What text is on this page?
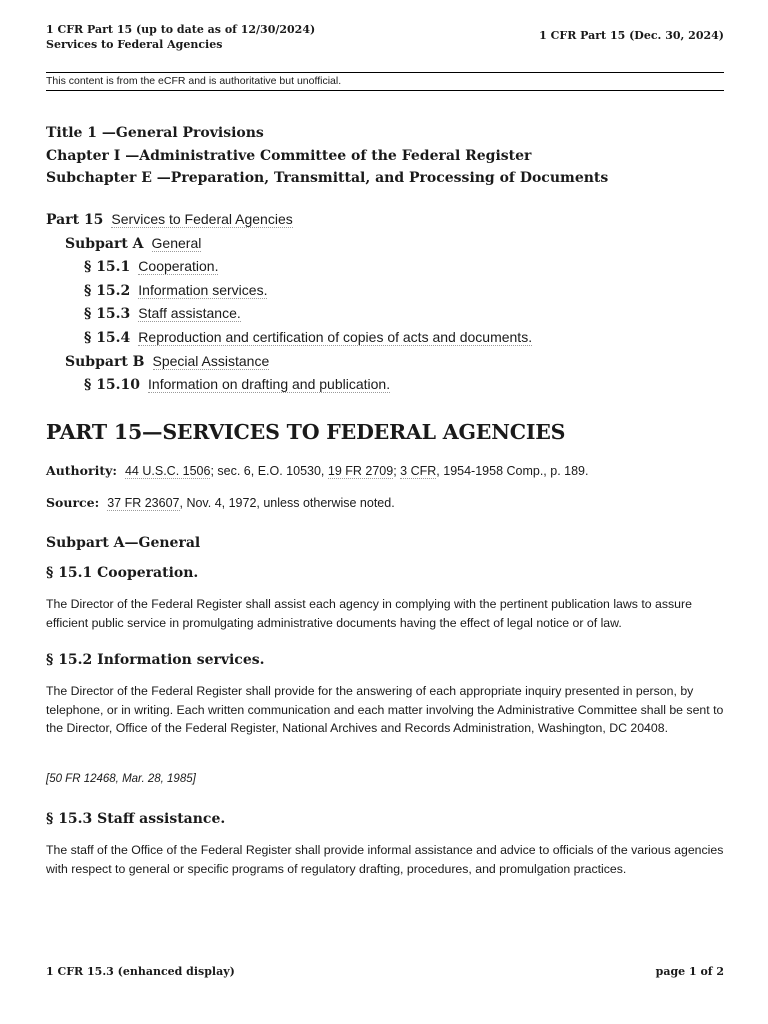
1 CFR Part 15 (up to date as of 12/30/2024)
Services to Federal Agencies
1 CFR Part 15 (Dec. 30, 2024)
This content is from the eCFR and is authoritative but unofficial.
Title 1 —General Provisions
Chapter I —Administrative Committee of the Federal Register
Subchapter E —Preparation, Transmittal, and Processing of Documents
Part 15 Services to Federal Agencies
Subpart A General
§ 15.1 Cooperation.
§ 15.2 Information services.
§ 15.3 Staff assistance.
§ 15.4 Reproduction and certification of copies of acts and documents.
Subpart B Special Assistance
§ 15.10 Information on drafting and publication.
PART 15—SERVICES TO FEDERAL AGENCIES
Authority: 44 U.S.C. 1506; sec. 6, E.O. 10530, 19 FR 2709; 3 CFR, 1954-1958 Comp., p. 189.
Source: 37 FR 23607, Nov. 4, 1972, unless otherwise noted.
Subpart A—General
§ 15.1 Cooperation.

The Director of the Federal Register shall assist each agency in complying with the pertinent publication laws to assure efficient public service in promulgating administrative documents having the effect of legal notice or of law.

§ 15.2 Information services.

The Director of the Federal Register shall provide for the answering of each appropriate inquiry presented in person, by telephone, or in writing. Each written communication and each matter involving the Administrative Committee shall be sent to the Director, Office of the Federal Register, National Archives and Records Administration, Washington, DC 20408.

[50 FR 12468, Mar. 28, 1985]
§ 15.3 Staff assistance.

The staff of the Office of the Federal Register shall provide informal assistance and advice to officials of the various agencies with respect to general or specific programs of regulatory drafting, procedures, and promulgation practices.

1 CFR 15.3 (enhanced display)	page 1 of 2
